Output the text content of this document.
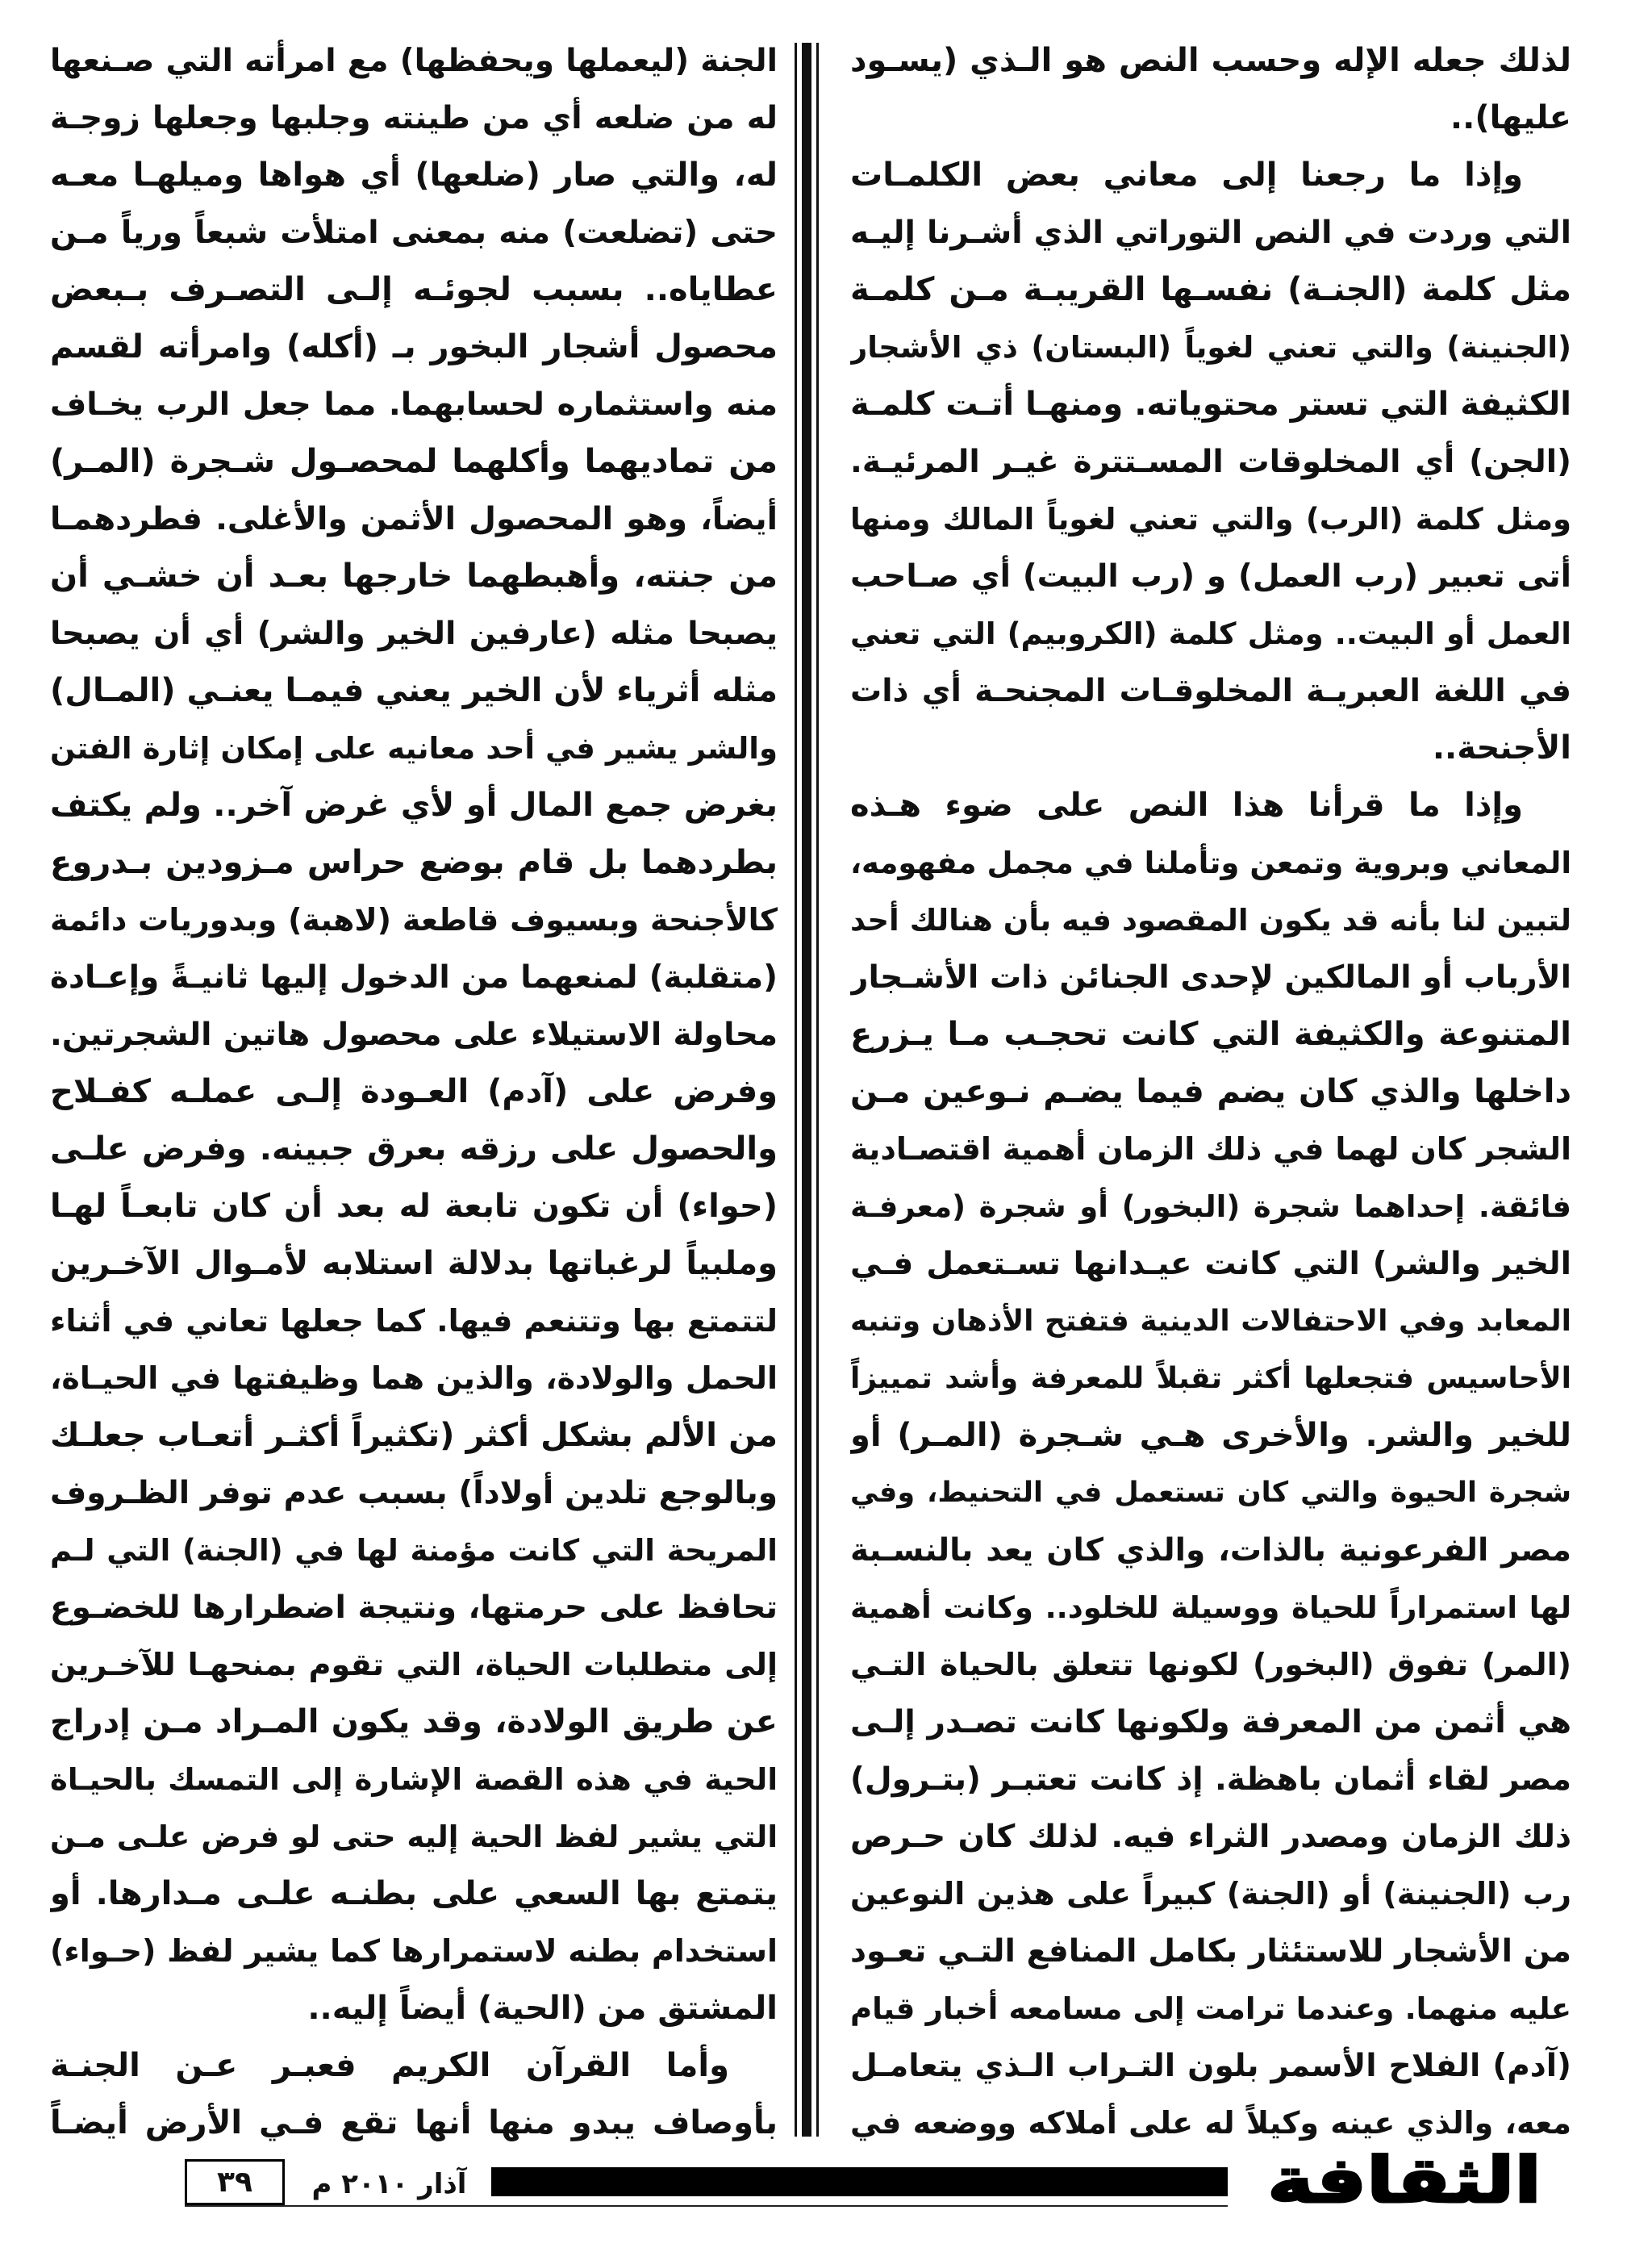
لذلك جعله الإله وحسب النص هو الـذي (يسـود
عليها)..
وإذا ما رجعنا إلى معاني بعض الكلمـات
التي وردت في النص التوراتي الذي أشـرنا إليـه
مثل كلمة (الجنـة) نفسـها القريبـة مـن كلمـة
(الجنينة) والتي تعني لغوياً (البستان) ذي الأشجار
الكثيفة التي تستر محتوياته. ومنهـا أتـت كلمـة
(الجن) أي المخلوقات المسـتترة غيـر المرئيـة.
ومثل كلمة (الرب) والتي تعني لغوياً المالك ومنها
أتى تعبير (رب العمل) و (رب البيت) أي صـاحب
العمل أو البيت.. ومثل كلمة (الكروبيم) التي تعني
في اللغة العبريـة المخلوقـات المجنحـة أي ذات
الأجنحة..
وإذا ما قرأنا هذا النص على ضوء هـذه
المعاني وبروية وتمعن وتأملنا في مجمل مفهومه،
لتبين لنا بأنه قد يكون المقصود فيه بأن هنالك أحد
الأرباب أو المالكين لإحدى الجنائن ذات الأشـجار
المتنوعة والكثيفة التي كانت تحجـب مـا يـزرع
داخلها والذي كان يضم فيما يضـم نـوعين مـن
الشجر كان لهما في ذلك الزمان أهمية اقتصـادية
فائقة. إحداهما شجرة (البخور) أو شجرة (معرفـة
الخير والشر) التي كانت عيـدانها تسـتعمل فـي
المعابد وفي الاحتفالات الدينية فتفتح الأذهان وتنبه
الأحاسيس فتجعلها أكثر تقبلاً للمعرفة وأشد تمييزاً
للخير والشر. والأخرى هـي شـجرة (المـر) أو
شجرة الحيوة والتي كان تستعمل في التحنيط، وفي
مصر الفرعونية بالذات، والذي كان يعد بالنسـبة
لها استمراراً للحياة ووسيلة للخلود.. وكانت أهمية
(المر) تفوق (البخور) لكونها تتعلق بالحياة التـي
هي أثمن من المعرفة ولكونها كانت تصـدر إلـى
مصر لقاء أثمان باهظة. إذ كانت تعتبـر (بتـرول)
ذلك الزمان ومصدر الثراء فيه. لذلك كان حـرص
رب (الجنينة) أو (الجنة) كبيراً على هذين النوعين
من الأشجار للاستئثار بكامل المنافع التـي تعـود
عليه منهما. وعندما ترامت إلى مسامعه أخبار قيام
(آدم) الفلاح الأسمر بلون التـراب الـذي يتعامـل
معه، والذي عينه وكيلاً له على أملاكه ووضعه في
الجنة (ليعملها ويحفظها) مع امرأته التي صـنعها
له من ضلعه أي من طينته وجلبها وجعلها زوجـة
له، والتي صار (ضلعها) أي هواها وميلهـا معـه
حتى (تضلعت) منه بمعنى امتلأت شبعاً ورياً مـن
عطاياه.. بسبب لجوئـه إلـى التصـرف بـبعض
محصول أشجار البخور بـ (أكله) وامرأته لقسم
منه واستثماره لحسابهما. مما جعل الرب يخـاف
من تماديهما وأكلهما لمحصـول شـجرة (المـر)
أيضاً، وهو المحصول الأثمن والأغلى. فطردهمـا
من جنته، وأهبطهما خارجها بعـد أن خشـي أن
يصبحا مثله (عارفين الخير والشر) أي أن يصبحا
مثله أثرياء لأن الخير يعني فيمـا يعنـي (المـال)
والشر يشير في أحد معانيه على إمكان إثارة الفتن
بغرض جمع المال أو لأي غرض آخر.. ولم يكتف
بطردهما بل قام بوضع حراس مـزودين بـدروع
كالأجنحة وبسيوف قاطعة (لاهبة) وبدوريات دائمة
(متقلبة) لمنعهما من الدخول إليها ثانيـةً وإعـادة
محاولة الاستيلاء على محصول هاتين الشجرتين.
وفرض على (آدم) العـودة إلـى عملـه كفـلاح
والحصول على رزقه بعرق جبينه. وفرض علـى
(حواء) أن تكون تابعة له بعد أن كان تابعـاً لهـا
وملبياً لرغباتها بدلالة استلابه لأمـوال الآخـرين
لتتمتع بها وتتنعم فيها. كما جعلها تعاني في أثناء
الحمل والولادة، والذين هما وظيفتها في الحيـاة،
من الألم بشكل أكثر (تكثيراً أكثـر أتعـاب جعلـك
وبالوجع تلدين أولاداً) بسبب عدم توفر الظـروف
المريحة التي كانت مؤمنة لها في (الجنة) التي لـم
تحافظ على حرمتها، ونتيجة اضطرارها للخضـوع
إلى متطلبات الحياة، التي تقوم بمنحهـا للآخـرين
عن طريق الولادة، وقد يكون المـراد مـن إدراج
الحية في هذه القصة الإشارة إلى التمسك بالحيـاة
التي يشير لفظ الحية إليه حتى لو فرض علـى مـن
يتمتع بها السعي على بطنـه علـى مـدارها. أو
استخدام بطنه لاستمرارها كما يشير لفظ (حـواء)
المشتق من (الحية) أيضاً إليه..
وأما القرآن الكريم فعبـر عـن الجنـة
بأوصاف يبدو منها أنها تقع فـي الأرض أيضـاً
الثقافة
آذار ٢٠١٠ م
٣٩
